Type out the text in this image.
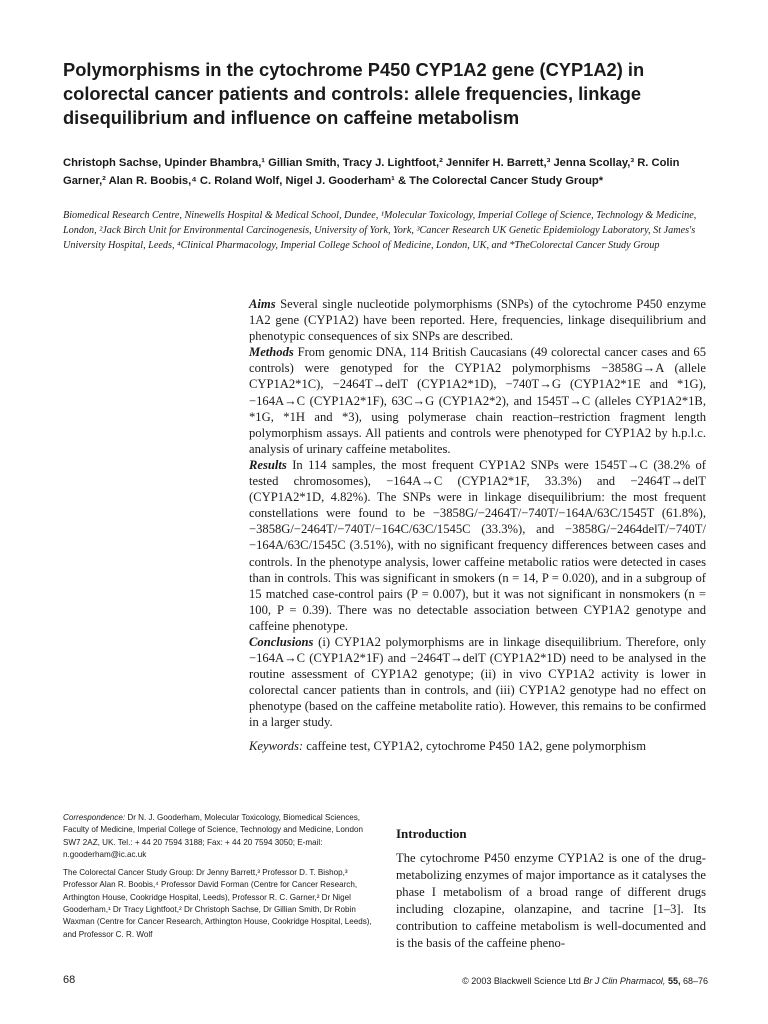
Polymorphisms in the cytochrome P450 CYP1A2 gene (CYP1A2) in colorectal cancer patients and controls: allele frequencies, linkage disequilibrium and influence on caffeine metabolism
Christoph Sachse, Upinder Bhambra,¹ Gillian Smith, Tracy J. Lightfoot,² Jennifer H. Barrett,³ Jenna Scollay,³ R. Colin Garner,² Alan R. Boobis,⁴ C. Roland Wolf, Nigel J. Gooderham¹ & The Colorectal Cancer Study Group*
Biomedical Research Centre, Ninewells Hospital & Medical School, Dundee, ¹Molecular Toxicology, Imperial College of Science, Technology & Medicine, London, ²Jack Birch Unit for Environmental Carcinogenesis, University of York, York, ³Cancer Research UK Genetic Epidemiology Laboratory, St James's University Hospital, Leeds, ⁴Clinical Pharmacology, Imperial College School of Medicine, London, UK, and *TheColorectal Cancer Study Group

Aims Several single nucleotide polymorphisms (SNPs) of the cytochrome P450 enzyme 1A2 gene (CYP1A2) have been reported. Here, frequencies, linkage disequilibrium and phenotypic consequences of six SNPs are described.

Methods From genomic DNA, 114 British Caucasians (49 colorectal cancer cases and 65 controls) were genotyped for the CYP1A2 polymorphisms −3858G→A (allele CYP1A2*1C), −2464T→delT (CYP1A2*1D), −740T→G (CYP1A2*1E and *1G), −164A→C (CYP1A2*1F), 63C→G (CYP1A2*2), and 1545T→C (alleles CYP1A2*1B, *1G, *1H and *3), using polymerase chain reaction–restriction fragment length polymorphism assays. All patients and controls were phenotyped for CYP1A2 by h.p.l.c. analysis of urinary caffeine metabolites.

Results In 114 samples, the most frequent CYP1A2 SNPs were 1545T→C (38.2% of tested chromosomes), −164A→C (CYP1A2*1F, 33.3%) and −2464T→delT (CYP1A2*1D, 4.82%). The SNPs were in linkage disequilibrium: the most frequent constellations were found to be −3858G/−2464T/−740T/−164A/63C/1545T (61.8%), −3858G/−2464T/−740T/−164C/63C/1545C (33.3%), and −3858G/−2464delT/−740T/−164A/63C/1545C (3.51%), with no significant frequency differences between cases and controls. In the phenotype analysis, lower caffeine metabolic ratios were detected in cases than in controls. This was significant in smokers (n = 14, P = 0.020), and in a subgroup of 15 matched case-control pairs (P = 0.007), but it was not significant in nonsmokers (n = 100, P = 0.39). There was no detectable association between CYP1A2 genotype and caffeine phenotype.

Conclusions (i) CYP1A2 polymorphisms are in linkage disequilibrium. Therefore, only −164A→C (CYP1A2*1F) and −2464T→delT (CYP1A2*1D) need to be analysed in the routine assessment of CYP1A2 genotype; (ii) in vivo CYP1A2 activity is lower in colorectal cancer patients than in controls, and (iii) CYP1A2 genotype had no effect on phenotype (based on the caffeine metabolite ratio). However, this remains to be confirmed in a larger study.

Keywords: caffeine test, CYP1A2, cytochrome P450 1A2, gene polymorphism

Correspondence: Dr N. J. Gooderham, Molecular Toxicology, Biomedical Sciences, Faculty of Medicine, Imperial College of Science, Technology and Medicine, London SW7 2AZ, UK. Tel.: + 44 20 7594 3188; Fax: + 44 20 7594 3050; E-mail: n.gooderham@ic.ac.uk

The Colorectal Cancer Study Group: Dr Jenny Barrett,³ Professor D. T. Bishop,³ Professor Alan R. Boobis,⁴ Professor David Forman (Centre for Cancer Research, Arthington House, Cookridge Hospital, Leeds), Professor R. C. Garner,² Dr Nigel Gooderham,¹ Dr Tracy Lightfoot,² Dr Christoph Sachse, Dr Gillian Smith, Dr Robin Waxman (Centre for Cancer Research, Arthington House, Cookridge Hospital, Leeds), and Professor C. R. Wolf

Introduction

The cytochrome P450 enzyme CYP1A2 is one of the drug-metabolizing enzymes of major importance as it catalyses the phase I metabolism of a broad range of different drugs including clozapine, olanzapine, and tacrine [1–3]. Its contribution to caffeine metabolism is well-documented and is the basis of the caffeine pheno-

68	© 2003 Blackwell Science Ltd Br J Clin Pharmacol, 55, 68–76
